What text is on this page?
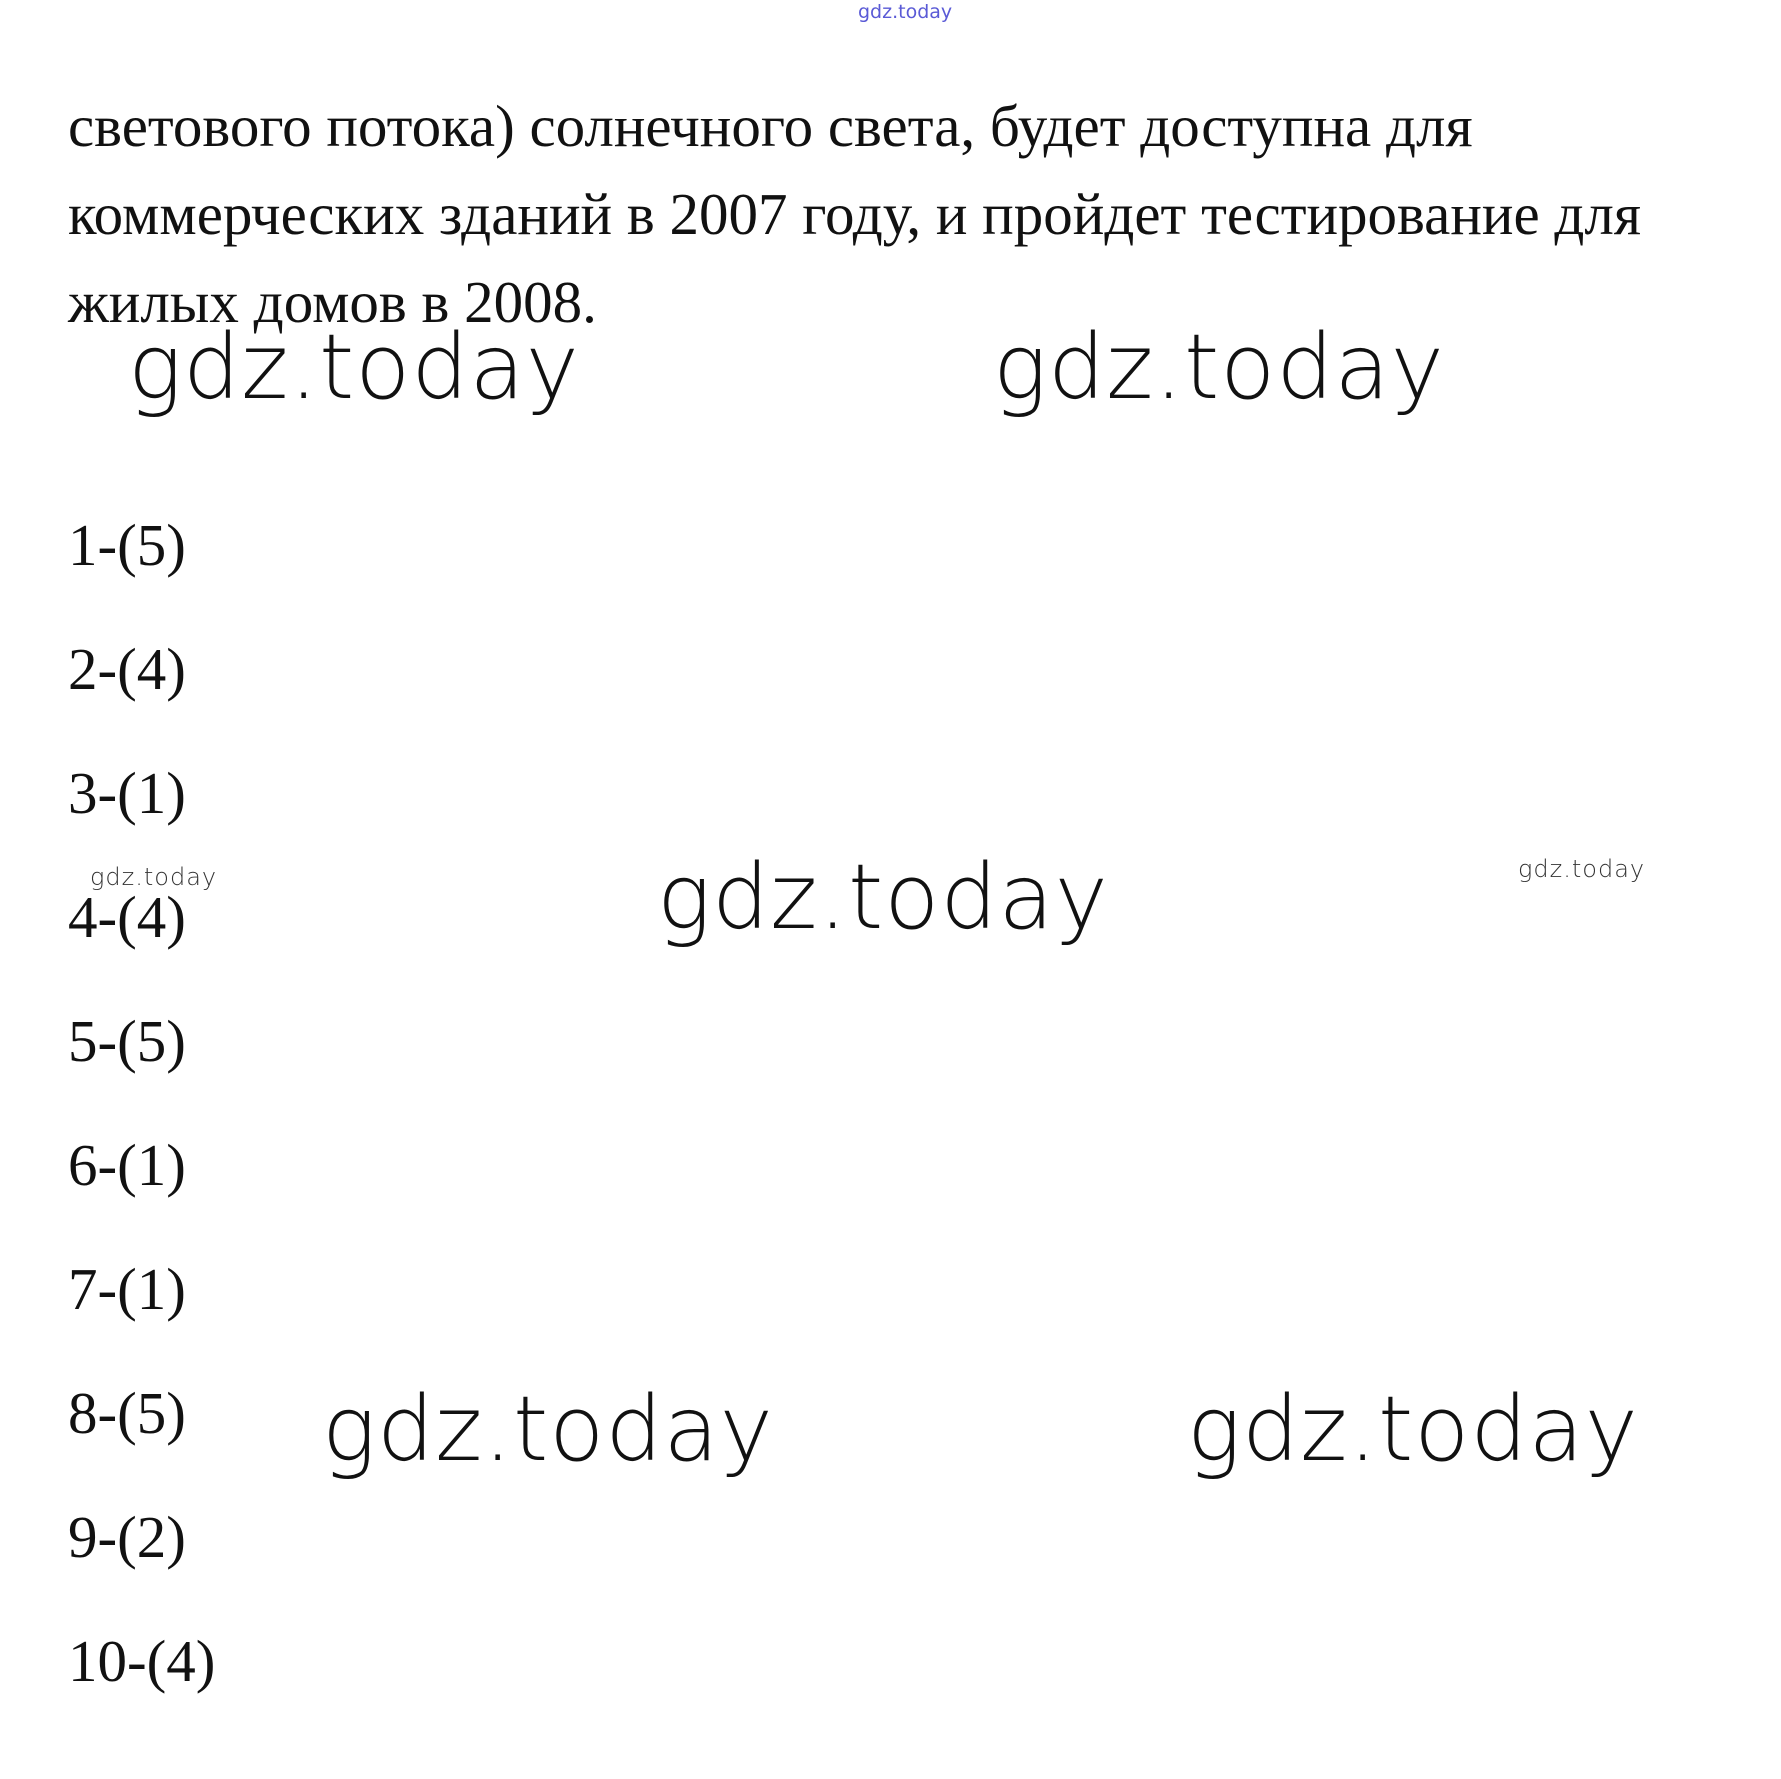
gdz.today
светового потока) солнечного света, будет доступна для
коммерческих зданий в 2007 году, и пройдет тестирование для
жилых домов в 2008.
gdz.today	gdz.today
gdz.today	gdz.today	gdz.today
gdz.today	gdz.today
1-(5)
2-(4)
3-(1)
4-(4)
5-(5)
6-(1)
7-(1)
8-(5)
9-(2)
10-(4)
